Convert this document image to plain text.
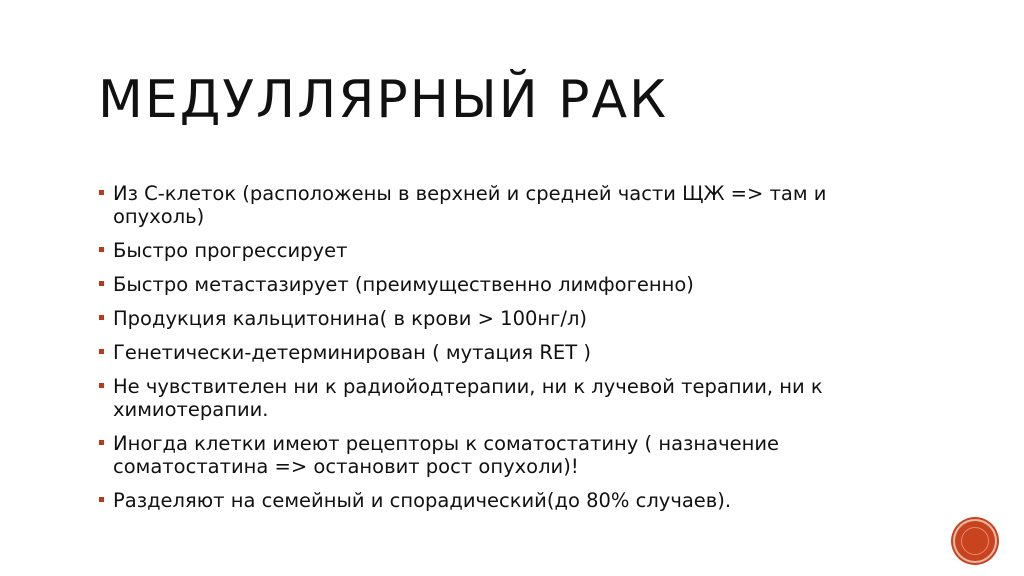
МЕДУЛЛЯРНЫЙ РАК
Из С-клеток (расположены в верхней и средней части ЩЖ => там и опухоль)
Быстро прогрессирует
Быстро метастазирует (преимущественно лимфогенно)
Продукция кальцитонина( в крови > 100нг/л)
Генетически-детерминирован ( мутация RET )
Не чувствителен ни к радиойодтерапии, ни к лучевой терапии, ни к химиотерапии.
Иногда клетки имеют рецепторы к соматостатину ( назначение соматостатина => остановит рост опухоли)!
Разделяют на семейный и спорадический(до 80% случаев).
